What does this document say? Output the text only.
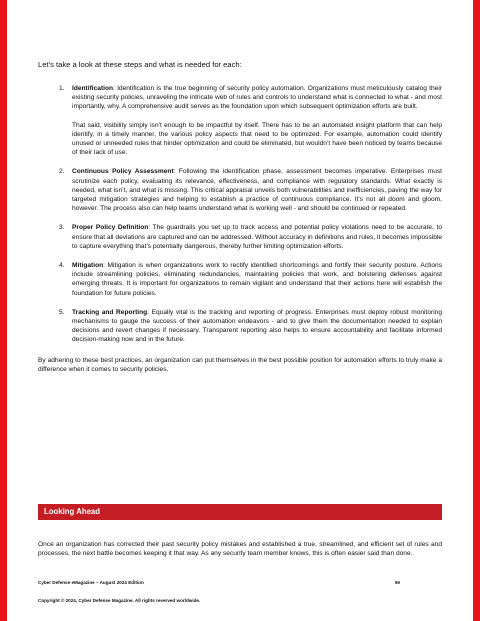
Let’s take a look at these steps and what is needed for each:

1. Identification: Identification is the true beginning of security policy automation. Organizations must meticulously catalog their existing security policies, unraveling the intricate web of rules and controls to understand what is connected to what - and most importantly, why. A comprehensive audit serves as the foundation upon which subsequent optimization efforts are built.
That said, visibility simply isn’t enough to be impactful by itself. There has to be an automated insight platform that can help identify, in a timely manner, the various policy aspects that need to be optimized. For example, automation could identify unused or unneeded rules that hinder optimization and could be eliminated, but wouldn’t have been noticed by teams because of their lack of use.
2. Continuous Policy Assessment: Following the identification phase, assessment becomes imperative. Enterprises must scrutinize each policy, evaluating its relevance, effectiveness, and compliance with regulatory standards. What exactly is needed, what isn’t, and what is missing. This critical appraisal unveils both vulnerabilities and inefficiencies, paving the way for targeted mitigation strategies and helping to establish a practice of continuous compliance. It’s not all doom and gloom, however. The process also can help teams understand what is working well - and should be continued or repeated.
3. Proper Policy Definition: The guardrails you set up to track access and potential policy violations need to be accurate, to ensure that all deviations are captured and can be addressed. Without accuracy in definitions and rules, it becomes impossible to capture everything that’s potentially dangerous, thereby further limiting optimization efforts.
4. Mitigation: Mitigation is when organizations work to rectify identified shortcomings and fortify their security posture. Actions include streamlining policies, eliminating redundancies, maintaining policies that work, and bolstering defenses against emerging threats. It is important for organizations to remain vigilant and understand that their actions here will establish the foundation for future policies.
5. Tracking and Reporting: Equally vital is the tracking and reporting of progress. Enterprises must deploy robust monitoring mechanisms to gauge the success of their automation endeavors - and to give them the documentation needed to explain decisions and revert changes if necessary. Transparent reporting also helps to ensure accountability and facilitate informed decision-making now and in the future.

By adhering to these best practices, an organization can put themselves in the best possible position for automation efforts to truly make a difference when it comes to security policies.

Looking Ahead

Once an organization has corrected their past security policy mistakes and established a true, streamlined, and efficient set of rules and processes, the next battle becomes keeping it that way. As any security team member knows, this is often easier said than done.

Cyber Defense eMagazine – August 2024 Edition	59
Copyright © 2024, Cyber Defense Magazine. All rights reserved worldwide.
